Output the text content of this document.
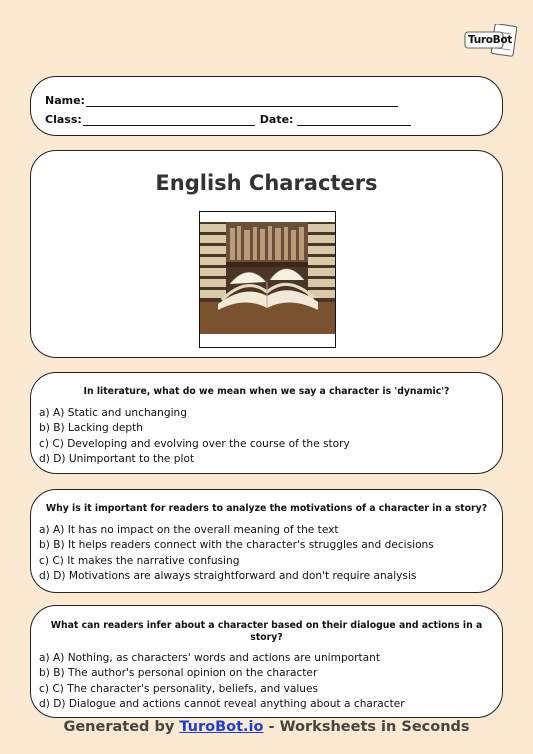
TuroBot
Name:
Class:	Date:
English Characters
In literature, what do we mean when we say a character is 'dynamic'?
a) A) Static and unchanging
b) B) Lacking depth
c) C) Developing and evolving over the course of the story
d) D) Unimportant to the plot
Why is it important for readers to analyze the motivations of a character in a story?
a) A) It has no impact on the overall meaning of the text
b) B) It helps readers connect with the character's struggles and decisions
c) C) It makes the narrative confusing
d) D) Motivations are always straightforward and don't require analysis
What can readers infer about a character based on their dialogue and actions in a story?
a) A) Nothing, as characters' words and actions are unimportant
b) B) The author's personal opinion on the character
c) C) The character's personality, beliefs, and values
d) D) Dialogue and actions cannot reveal anything about a character
Generated by TuroBot.io - Worksheets in Seconds
